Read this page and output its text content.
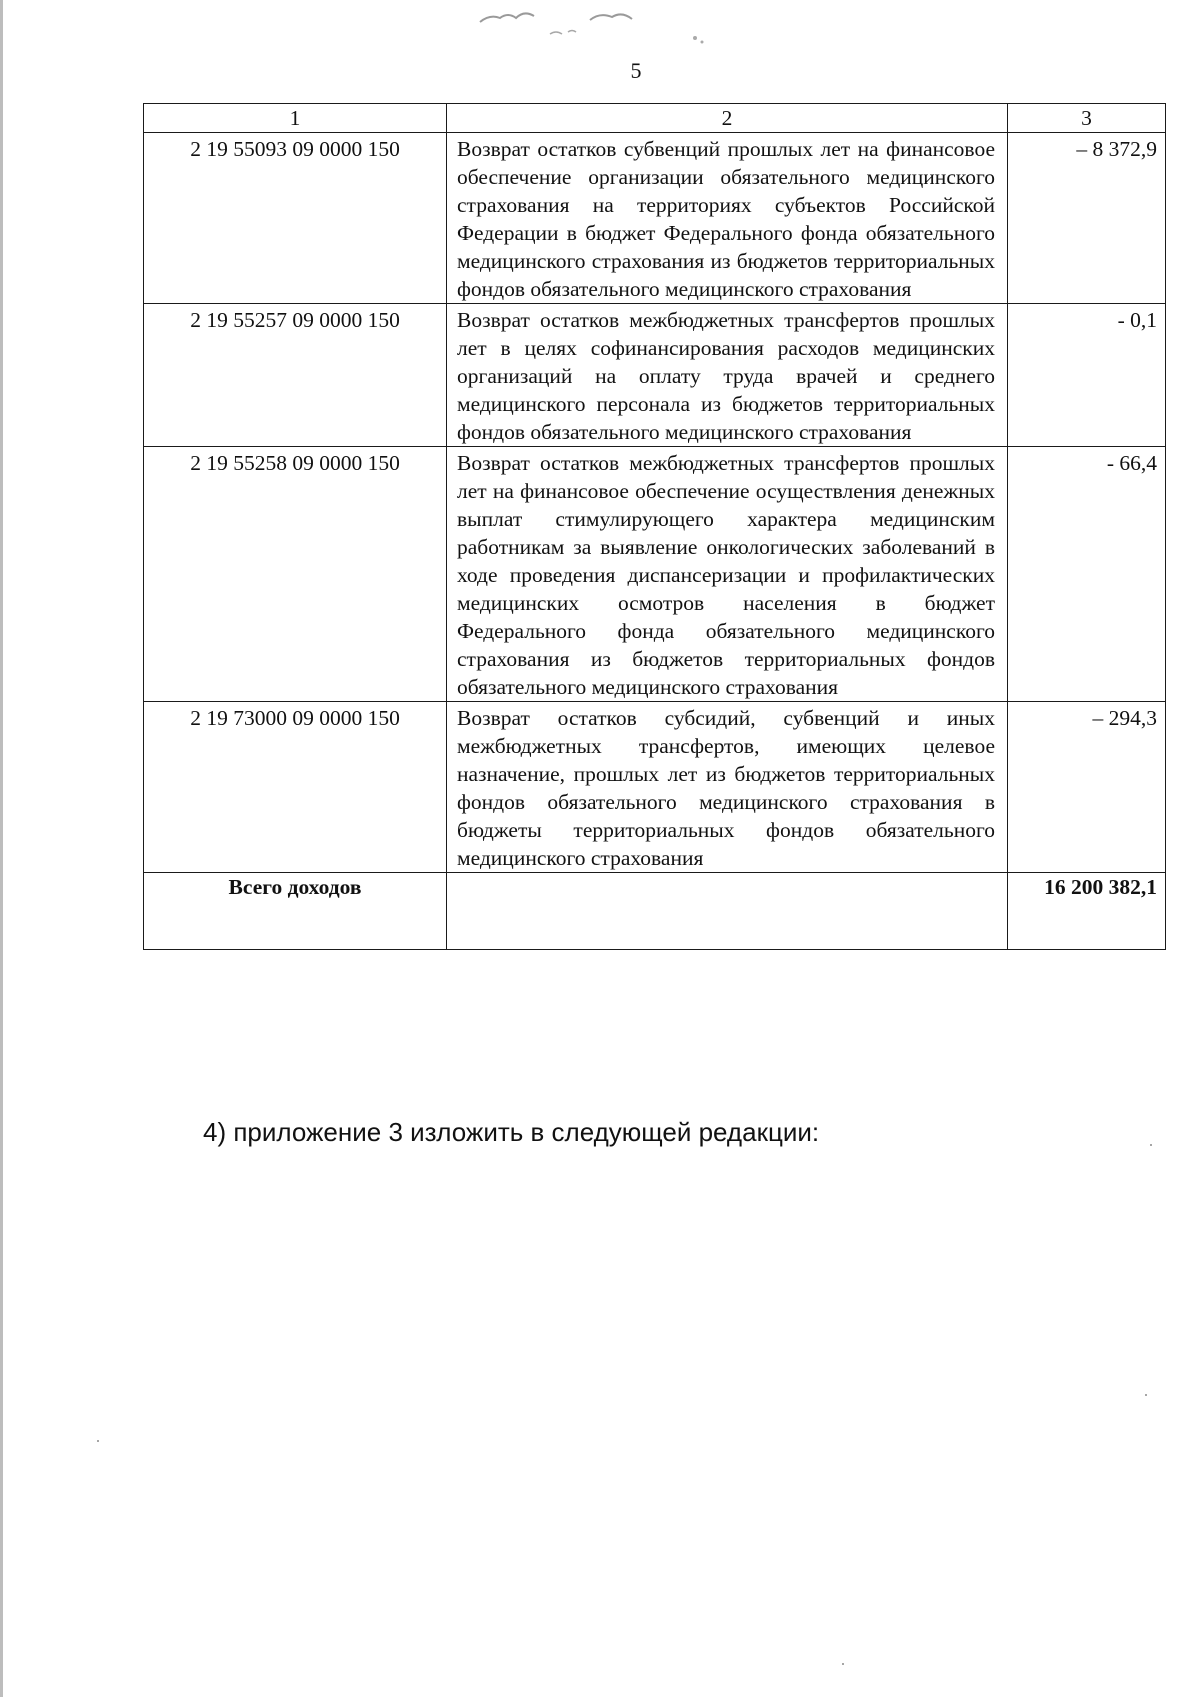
5
1	2	3
2 19 55093 09 0000 150	Возврат остатков субвенций прошлых лет на финансовое обеспечение организации обязательного медицинского страхования на территориях субъектов Российской Федерации в бюджет Федерального фонда обязательного медицинского страхования из бюджетов территориальных фондов обязательного медицинского страхования	– 8 372,9
2 19 55257 09 0000 150	Возврат остатков межбюджетных трансфертов прошлых лет в целях софинансирования расходов медицинских организаций на оплату труда врачей и среднего медицинского персонала из бюджетов территориальных фондов обязательного медицинского страхования	- 0,1
2 19 55258 09 0000 150	Возврат остатков межбюджетных трансфертов прошлых лет на финансовое обеспечение осуществления денежных выплат стимулирующего характера медицинским работникам за выявление онкологических заболеваний в ходе проведения диспансеризации и профилактических медицинских осмотров населения в бюджет Федерального фонда обязательного медицинского страхования из бюджетов территориальных фондов обязательного медицинского страхования	- 66,4
2 19 73000 09 0000 150	Возврат остатков субсидий, субвенций и иных межбюджетных трансфертов, имеющих целевое назначение, прошлых лет из бюджетов территориальных фондов обязательного медицинского страхования в бюджеты территориальных фондов обязательного медицинского страхования	– 294,3
Всего доходов		16 200 382,1
4) приложение 3 изложить в следующей редакции:
